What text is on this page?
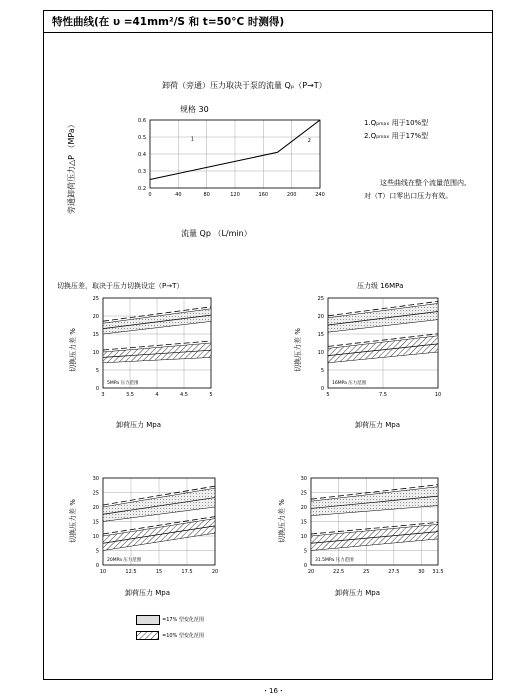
特性曲线(在 υ =41mm²/S 和 t=50°C 时测得)
卸荷（旁通）压力取决于泵的流量 Qₚ（P→T）
规格 30
流量 Qp （L/min）
旁通卸荷压力△P （MPa）	1.Qₚₘₐₓ 用于10%型
2.Qₚₘₐₓ 用于17%型
这些曲线在整个流量范围内,
对（T）口零出口压力有效。
切换压差，取决于压力切换设定（P→T）	压力级 16MPa
卸荷压力 Mpa	卸荷压力 Mpa
卸荷压力 Mpa	卸荷压力 Mpa
切换压力差 %	切换压力差 %
切换压力差 %	切换压力差 %
=17% 型变化范围
=10% 型变化范围
・16・
0.2
0.3
0.4
0.5
0.6
0	40	80	120	160	200	240
1	2
0
5
10
15
20
25
3	3.5	4	4.5	5
5MPa 压力范围
0
5
10
15
20
25
5	7.5	10
16MPa 压力范围
0
5
10
15
20
25
30
10	12.5	15	17.5	20
20MPa 压力范围
0
5
10
15
20
25
30
20	22.5	25	27.5	30 31.5
31.5MPa 压力范围
